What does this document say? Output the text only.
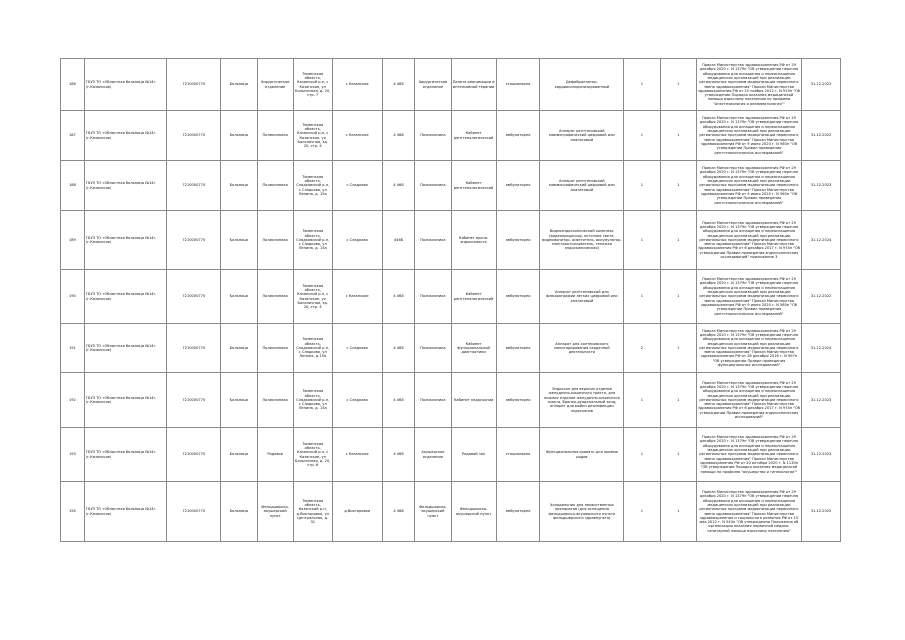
186	ГБУЗ ТО «Областная больница №14» (г.Казанское)	7210000770	Больница	Хирургическое отделение	Тюменская область, Казанский р-н, с Казанское, ул Больничная, д. 20, стр. 7	с Казанское	4 468	Хирургическое отделение	Палата реанимации и интенсивной терапии	стационарно	Дефибриллятор-кардиосинхронизированный	1	1	Приказ Министерства здравоохранения РФ от 29 декабря 2020 г. N 1379н "Об утверждении перечня оборудования для оснащения и переоснащения медицинских организаций при реализации региональных программ модернизации первичного звена здравоохранения" Приказ Министерства здравоохранения РФ от 15 ноября 2012 г. N 919н "Об утверждении Порядка оказания медицинской помощи взрослому населению по профилю "Анестезиология и реаниматология""	31.12.2023
187	ГБУЗ ТО «Областная больница №14» (г.Казанское)	7210000770	Больница	Поликлиника	Тюменская область, Казанский р-н, с Казанское, ул Больничная, зд. 20, стр. 4	с Казанское	4 468	Поликлиника	Кабинет рентгенологический	амбулаторно	Аппарат рентгеновский маммографический цифровой или аналоговый	1	1	Приказ Министерства здравоохранения РФ от 29 декабря 2020 г. N 1379н "Об утверждении перечня оборудования для оснащения и переоснащения медицинских организаций при реализации региональных программ модернизации первичного звена здравоохранения" Приказ Министерства здравоохранения РФ от 9 июня 2020 г. N 560н "Об утверждении Правил проведения рентгенологических исследований"	31.12.2022
188	ГБУЗ ТО «Областная больница №14» (г.Казанское)	7210000770	Больница	Поликлиника	Тюменская область, Сладковский р-н, с Сладково, ул Ленина, д. 15а	с Сладково	4 468	Поликлиника	Кабинет рентгенологический	амбулаторно	Аппарат рентгеновский маммографический цифровой или аналоговый	1	1	Приказ Министерства здравоохранения РФ от 29 декабря 2020 г. N 1379н "Об утверждении перечня оборудования для оснащения и переоснащения медицинских организаций при реализации региональных программ модернизации первичного звена здравоохранения" Приказ Министерства здравоохранения РФ от 9 июня 2020 г. N 560н "Об утверждении Правил проведения рентгенологических исследований"	31.12.2023
189	ГБУЗ ТО «Областная больница №14» (г.Казанское)	7210000770	Больница	Поликлиника	Тюменская область, Сладковский р-н, с Сладково, ул Ленина, д. 15а	с Сладково	4468	Поликлиника	Кабинет врача-эндоскописта	амбулаторно	Видеоэндоскопический комплекс (видеопроцессор, источник света, видеомонитор, осветитель, аккумулятор, электроотсасыватель, тележка эндоскопическая)	1	1	Приказ Министерства здравоохранения РФ от 29 декабря 2020 г. N 1379н "Об утверждении перечня оборудования для оснащения и переоснащения медицинских организаций при реализации региональных программ модернизации первичного звена здравоохранения" Приказ Министерства здравоохранения РФ от 6 декабря 2017 г. N 974н "Об утверждении Правил проведения эндоскопических исследований" приложение 3	31.12.2024
190	ГБУЗ ТО «Областная больница №14» (г.Казанское)	7210000770	Больница	Поликлиника	Тюменская область, Казанский р-н, с Казанское, ул Больничная, зд. 20, стр. 4	с Казанское	4 468	Поликлиника	Кабинет рентгенологический	амбулаторно	Аппарат рентгеновский для флюорографии легких цифровой или аналоговый	1	1	Приказ Министерства здравоохранения РФ от 29 декабря 2020 г. N 1379н "Об утверждении перечня оборудования для оснащения и переоснащения медицинских организаций при реализации региональных программ модернизации первичного звена здравоохранения" Приказ Министерства здравоохранения РФ от 9 июня 2020 г. N 560н "Об утверждении Правил проведения рентгенологических исследований"	31.12.2022
191	ГБУЗ ТО «Областная больница №14» (г.Казанское)	7210000770	Больница	Поликлиника	Тюменская область, Сладковский р-н, с Сладково, ул Ленина, д.15а	с Сладково	4 468	Поликлиника	Кабинет функциональной диагностики	амбулаторно	Аппарат для холтеровского мониторирования сердечной деятельности	2	1	Приказ Министерства здравоохранения РФ от 29 декабря 2020 г. N 1379н "Об утверждении перечня оборудования для оснащения и переоснащения медицинских организаций при реализации региональных программ модернизации первичного звена здравоохранения" Приказ Министерства здравоохранения РФ от 26 декабря 2016 г. N 997н "Об утверждении Правил проведения функциональных исследований"	31.12.2024
192	ГБУЗ ТО «Областная больница №14» (г.Казанское)	7210000770	Больница	Поликлиника	Тюменская область, Сладковский р-н, с Сладково, ул Ленина, д. 15а	с Сладково	4 468	Поликлиника	Кабинет эндоскопии	амбулаторно	Эндоскоп для верхних отделов желудочно-кишечного тракта, для нижних отделов желудочно-кишечного тракта, бронхо-дуоденальный зонд, аппарат для мойки дезинфекции эндоскопов	1	1	Приказ Министерства здравоохранения РФ от 29 декабря 2020 г. N 1379н "Об утверждении перечня оборудования для оснащения и переоснащения медицинских организаций при реализации региональных программ модернизации первичного звена здравоохранения" Приказ Министерства здравоохранения РФ от 6 декабря 2017 г. N 974н "Об утверждении Правил проведения эндоскопических исследований"	31.12.2023
193	ГБУЗ ТО «Областная больница №14» (г.Казанское)	7210000770	Больница	Родовое	Тюменская область, Казанский р-н, с Казанское, ул Больничная, д. 20, стр. 6	с Казанское	4 468	Акушерское отделение	Родовой зал	стационарно	Функциональная кровать для приема родов	1	1	Приказ Министерства здравоохранения РФ от 29 декабря 2020 г. N 1379н "Об утверждении перечня оборудования для оснащения и переоснащения медицинских организаций при реализации региональных программ модернизации первичного звена здравоохранения" Приказ Министерства здравоохранения РФ от 20 октября 2020 г. N 1130н "Об утверждении Порядка оказания медицинской помощи по профилю "акушерство и гинекология""	31.12.2023
194	ГБУЗ ТО «Областная больница №14» (г.Казанское)	7210000770	Больница	Фельдшерско-акушерский пункт	Тюменская область, Казанский р-н, д.Викторовка, ул Центральная, д. 31	д.Викторовка	4 468	Фельдшерско-акушерский пункт	Фельдшерско-акушерский пункт	амбулаторно	Холодильник для лекарственных препаратов (для оснащения фельдшерско-акушерского пункта фельдшерского здравпункта)	1	1	Приказ Министерства здравоохранения РФ от 29 декабря 2020 г. N 1379н "Об утверждении перечня оборудования для оснащения и переоснащения медицинских организаций при реализации региональных программ модернизации первичного звена здравоохранения" Приказ Министерства здравоохранения и социального развития РФ от 15 мая 2012 г. N 543н "Об утверждении Положения об организации оказания первичной медико-санитарной помощи взрослому населению"	31.12.2025
